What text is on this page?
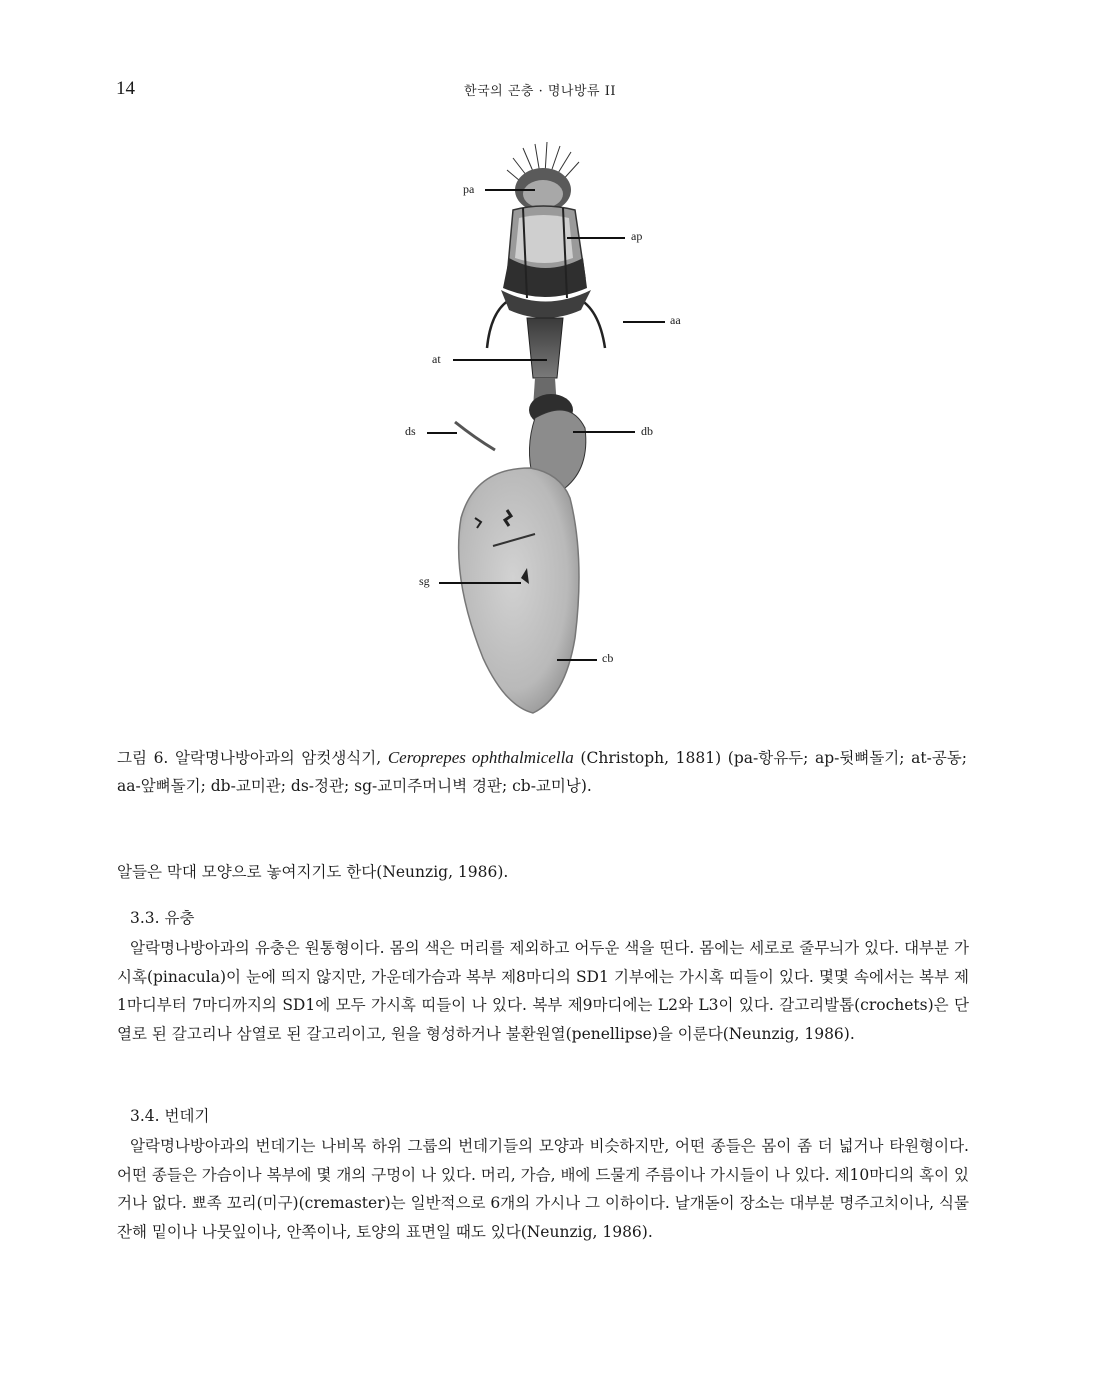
14	한국의 곤충 · 명나방류 II
pa
ap
aa
at
ds	db
sg
cb
그림 6. 알락명나방아과의 암컷생식기, Ceroprepes ophthalmicella (Christoph, 1881) (pa-항유두; ap-뒷뼈돌기; at-공동; aa-앞뼈돌기; db-교미관; ds-정관; sg-교미주머니벽 경판; cb-교미낭).

알들은 막대 모양으로 놓여지기도 한다(Neunzig, 1986).

3.3. 유충

알락명나방아과의 유충은 원통형이다. 몸의 색은 머리를 제외하고 어두운 색을 띤다. 몸에는 세로로 줄무늬가 있다. 대부분 가시혹(pinacula)이 눈에 띄지 않지만, 가운데가슴과 복부 제8마디의 SD1 기부에는 가시혹 띠들이 있다. 몇몇 속에서는 복부 제1마디부터 7마디까지의 SD1에 모두 가시혹 띠들이 나 있다. 복부 제9마디에는 L2와 L3이 있다. 갈고리발톱(crochets)은 단열로 된 갈고리나 삼열로 된 갈고리이고, 원을 형성하거나 불환원열(penellipse)을 이룬다(Neunzig, 1986).

3.4. 번데기

알락명나방아과의 번데기는 나비목 하위 그룹의 번데기들의 모양과 비슷하지만, 어떤 종들은 몸이 좀 더 넓거나 타원형이다. 어떤 종들은 가슴이나 복부에 몇 개의 구멍이 나 있다. 머리, 가슴, 배에 드물게 주름이나 가시들이 나 있다. 제10마디의 혹이 있거나 없다. 뾰족 꼬리(미구)(cremaster)는 일반적으로 6개의 가시나 그 이하이다. 날개돋이 장소는 대부분 명주고치이나, 식물잔해 밑이나 나뭇잎이나, 안쪽이나, 토양의 표면일 때도 있다(Neunzig, 1986).
